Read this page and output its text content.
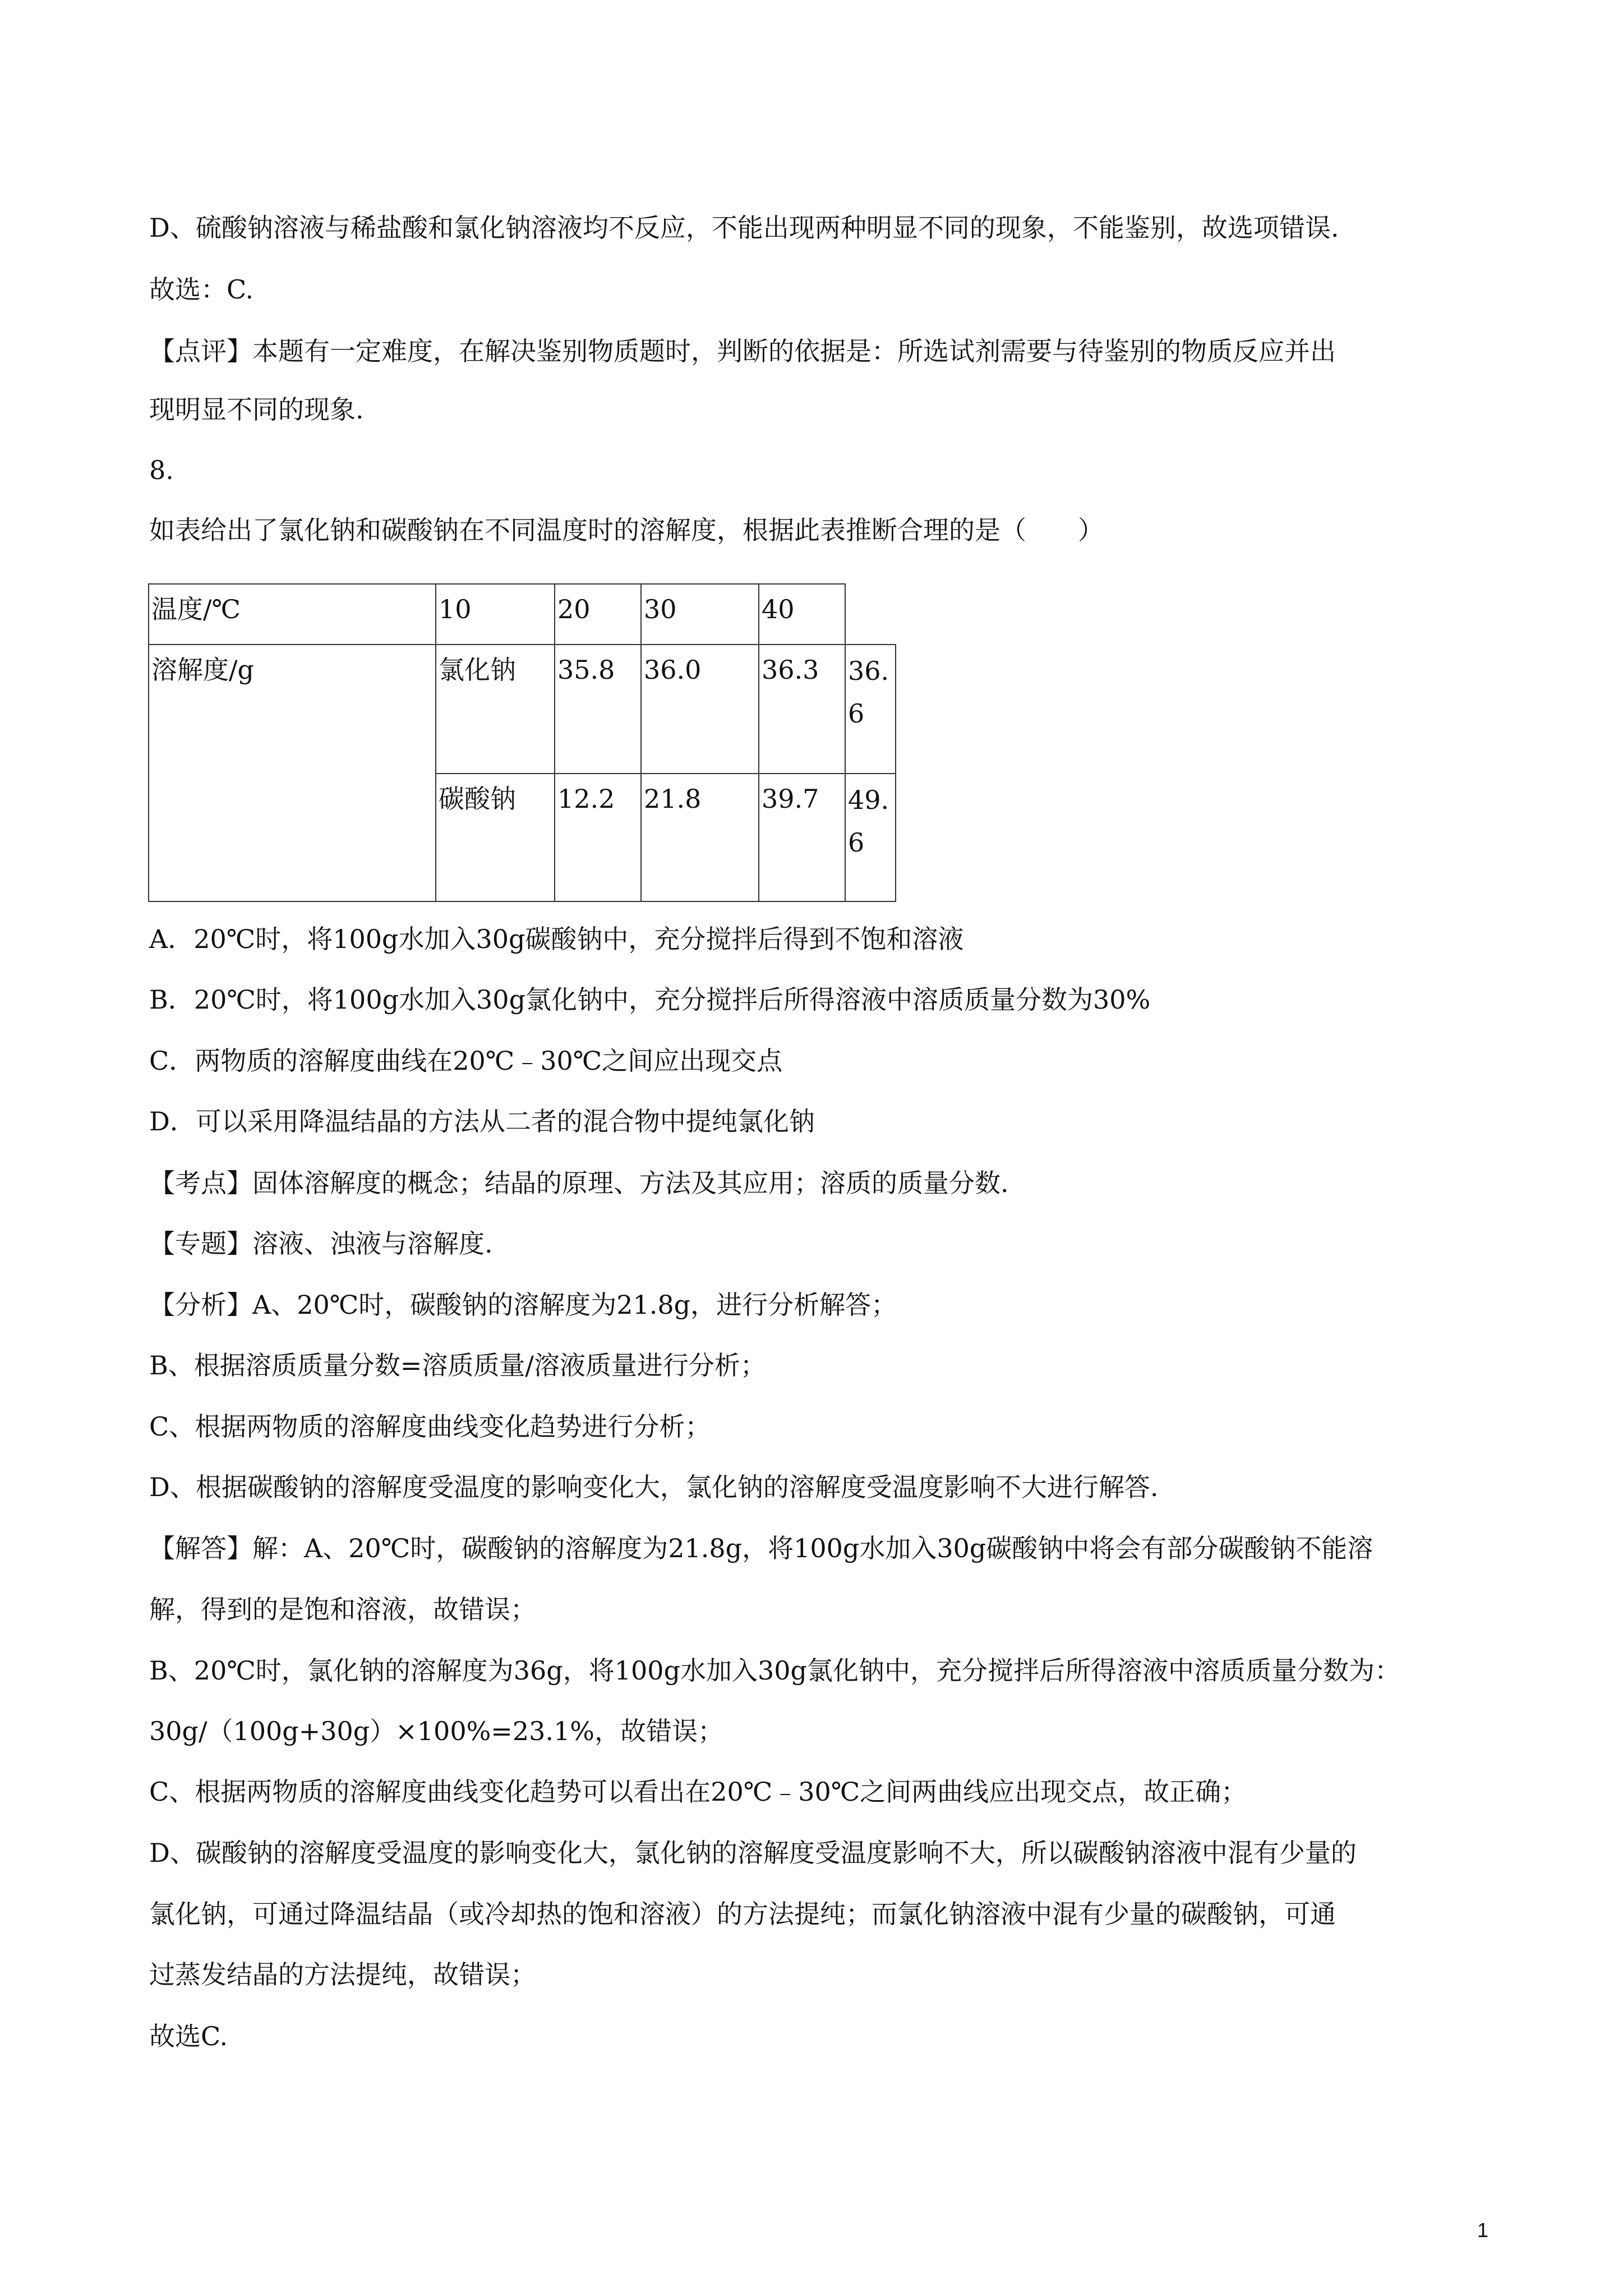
D、硫酸钠溶液与稀盐酸和氯化钠溶液均不反应，不能出现两种明显不同的现象，不能鉴别，故选项错误.

故选：C.

【点评】本题有一定难度，在解决鉴别物质题时，判断的依据是：所选试剂需要与待鉴别的物质反应并出

现明显不同的现象.

8.

如表给出了氯化钠和碳酸钠在不同温度时的溶解度，根据此表推断合理的是（　　）

温度/℃	10	20	30	40
溶解度/g	氯化钠	35.8	36.0	36.3	36.
6
碳酸钠	12.2	21.8	39.7	49.
6

A．20℃时，将100g水加入30g碳酸钠中，充分搅拌后得到不饱和溶液

B．20℃时，将100g水加入30g氯化钠中，充分搅拌后所得溶液中溶质质量分数为30%

C．两物质的溶解度曲线在20℃﹣30℃之间应出现交点

D．可以采用降温结晶的方法从二者的混合物中提纯氯化钠

【考点】固体溶解度的概念；结晶的原理、方法及其应用；溶质的质量分数.

【专题】溶液、浊液与溶解度.

【分析】A、20℃时，碳酸钠的溶解度为21.8g，进行分析解答；

B、根据溶质质量分数=溶质质量/溶液质量进行分析；

C、根据两物质的溶解度曲线变化趋势进行分析；

D、根据碳酸钠的溶解度受温度的影响变化大，氯化钠的溶解度受温度影响不大进行解答.

【解答】解：A、20℃时，碳酸钠的溶解度为21.8g，将100g水加入30g碳酸钠中将会有部分碳酸钠不能溶

解，得到的是饱和溶液，故错误；

B、20℃时，氯化钠的溶解度为36g，将100g水加入30g氯化钠中，充分搅拌后所得溶液中溶质质量分数为：

30g/（100g+30g）×100%=23.1%，故错误；

C、根据两物质的溶解度曲线变化趋势可以看出在20℃﹣30℃之间两曲线应出现交点，故正确；

D、碳酸钠的溶解度受温度的影响变化大，氯化钠的溶解度受温度影响不大，所以碳酸钠溶液中混有少量的

氯化钠，可通过降温结晶（或冷却热的饱和溶液）的方法提纯；而氯化钠溶液中混有少量的碳酸钠，可通

过蒸发结晶的方法提纯，故错误；

故选C.

1
